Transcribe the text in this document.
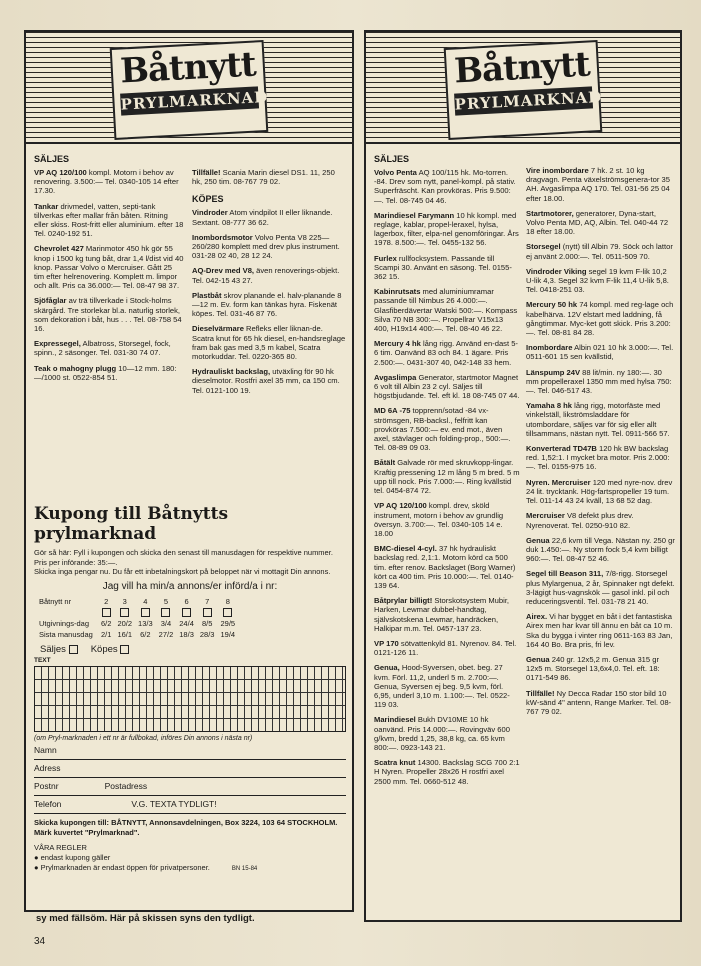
Båtnytt
PRYLMARKNAD
SÄLJES

VP AQ 120/100 kompl. Motorn i behov av renovering. 3.500:— Tel. 0340-105 14 efter 17.30.

Tankar drivmedel, vatten, septi-tank tillverkas efter mallar från båten. Ritning eller skiss. Rost-fritt eller aluminium. efter 18 Tel. 0240-192 51.

Chevrolet 427 Marinmotor 450 hk gör 55 knop i 1500 kg tung båt, drar 1,4 l/dist vid 40 knop. Passar Volvo o Mercruiser. Gått 25 tim efter helrenovering. Komplett m. limpor och allt. Pris ca 36.000:— Tel. 08-47 98 37.

Sjöfåglar av trä tillverkade i Stock-holms skärgård. Tre storlekar bl.a. naturlig storlek, som dekoration i båt, hus . . . Tel. 08-758 54 16.

Expressegel, Albatross, Storsegel, fock, spinn., 2 säsonger. Tel. 031-30 74 07.

Teak o mahogny plugg 10—12 mm. 180:—/1000 st. 0522-854 51.

Tillfälle! Scania Marin diesel DS1. 11, 250 hk, 250 tim. 08-767 79 02.

KÖPES

Vindroder Atom vindpilot II eller liknande. Sextant. 08-777 36 62.

Inombordsmotor Volvo Penta V8 225—260/280 komplett med drev plus instrument. 031-28 02 40, 28 12 24.

AQ-Drev med V8, även renoverings-objekt. Tel. 042-15 43 27.

Plastbåt skrov planande el. halv-planande 8—12 m. Ev. form kan tänkas hyra. Fiskenät köpes. Tel. 031-46 87 76.

Dieselvärmare Refleks eller liknan-de. Scatra knut för 65 hk diesel, en-handsreglage fram bak gas med 3,5 m kabel, Scatra motorkuddar. Tel. 0220-365 80.

Hydrauliskt backslag, utväxling för 90 hk dieselmotor. Rostfri axel 35 mm, ca 150 cm. Tel. 0121-100 19.

Kupong till Båtnytts prylmarknad

Gör så här: Fyll i kupongen och skicka den senast till manusdagen för respektive nummer.

Pris per införande: 35:—.

Skicka inga pengar nu. Du får ett inbetalningskort på beloppet när vi mottagit Din annons.

Jag vill ha min/a annons/er införd/a i nr:
Båtnytt nr	2	3	4	5	6	7	8

Utgivnings-dag	6/2	20/2	13/3	3/4	24/4	8/5	29/5
Sista manusdag	2/1	16/1	6/2	27/2	18/3	28/3	19/4
Säljes	Köpes
TEXT
(om Pryl-marknaden i ett nr är fullbokad, införes Din annons i nästa nr)
Namn
Adress
Postnr	Postadress
Telefon	V.G. TEXTA TYDLIGT!
Skicka kupongen till: BÅTNYTT, Annonsavdelningen, Box 3224, 103 64 STOCKHOLM. Märk kuvertet "Prylmarknad".
VÅRA REGLER
● endast kupong gäller
● Prylmarknaden är endast öppen för privatpersoner.	BN 15-84
Båtnytt
PRYLMARKNAD
SÄLJES

Volvo Penta AQ 100/115 hk. Mo-torren. -84. Drev som nytt, panel-kompl. på stativ. Superfräscht. Kan provköras. Pris 9.500: —. Tel. 08-745 04 46.

Marindiesel Farymann 10 hk kompl. med reglage, kablar, propel-leraxel, hylsa, lagerbox, filter, elpa-nel genomföringar. Års 1978. 8.500:—. Tel. 0455-132 56.

Furlex rullfocksystem. Passande till Scampi 30. Använt en säsong. Tel. 0155-362 15.

Kabinrutsats med aluminiumramar passande till Nimbus 26 4.000:—. Glasfiberdävertar Watski 500:—. Kompass Silva 70 NB 300:—. Propellrar V15x13 400, H19x14 400:—. Tel. 08-40 46 22.

Mercury 4 hk lång rigg. Använd en-dast 5-6 tim. Oanvänd 83 och 84. 1 ägare. Pris 2.500:—. 0431-307 40, 042-148 33 hem.

Avgaslimpa Generator, startmotor Magnet 6 volt till Albin 23 2 cyl. Säljes till högstbjudande. Tel. eft kl. 18 08-745 07 44.

MD 6A -75 topprenn/sotad -84 vx-strömsgen, RB-backsl., felfritt kan provköras 7.500:— ev. end mot., även axel, stävlager och folding-prop., 500:—. Tel. 08-89 09 03.

Båtält Galvade rör med skruvkopp-lingar. Kraftig pressening 12 m lång 5 m bred. 5 m upp till nock. Pris 7.000:—. Ring kvällstid tel. 0454-874 72.

VP AQ 120/100 kompl. drev, sköld instrument, motorn i behov av grundlig översyn. 3.700:—. Tel. 0340-105 14 e. 18.00

BMC-diesel 4-cyl. 37 hk hydrauliskt backslag red. 2,1:1. Motorn körd ca 500 tim. efter renov. Backslaget (Borg Warner) kört ca 400 tim. Pris 10.000:—. Tel. 0140-139 64.

Båtprylar billigt! Storskotsystem Mubir, Harken, Lewmar dubbel-handtag, självskotskena Lewmar, handräcken, Halkipar m.m. Tel. 0457-137 23.

VP 170 sötvattenkyld 81. Nyrenov. 84. Tel. 0121-126 11.

Genua, Hood-Syversen, obet. beg. 27 kvm. Förl. 11,2, underl 5 m. 2.700:—. Genua, Syversen ej beg. 9,5 kvm, förl. 6,95, underl 3,10 m. 1.100:—. Tel. 0522-119 03.

Marindiesel Bukh DV10ME 10 hk oanvänd. Pris 14.000:—. Rovingväv 600 g/kvm, bredd 1,25, 38,8 kg, ca. 65 kvm 800:—. 0923-143 21.

Scatra knut 14300. Backslag SCG 700 2:1 H Nyren. Propeller 28x26 H rostfri axel 2500 mm. Tel. 0660-512 48.

Vire inombordare 7 hk. 2 st. 10 kg dragvagn. Penta växelströmsgenera-tor 35 AH. Avgaslimpa AQ 170. Tel. 031-56 25 04 efter 18.00.

Startmotorer, generatorer, Dyna-start, Volvo Penta MD, AQ, Albin. Tel. 040-44 72 18 efter 18.00.

Storsegel (nytt) till Albin 79. Söck och lattor ej använt 2.000:—. Tel. 0511-509 70.

Vindroder Viking segel 19 kvm F-lik 10,2 U-lik 4,3. Segel 32 kvm F-lik 11,4 U-lik 5,8. Tel. 0418-251 03.

Mercury 50 hk 74 kompl. med reg-lage och kabelhärva. 12V elstart med laddning, få gångtimmar. Myc-ket gott skick. Pris 3.200:—. Tel. 08-81 84 28.

Inombordare Albin 021 10 hk 3.000:—. Tel. 0511-601 15 sen kvällstid,

Länspump 24V 88 lit/min. ny 180:—. 30 mm propelleraxel 1350 mm med hylsa 750:—. Tel. 046-517 43.

Yamaha 8 hk lång rigg, motorfäste med vinkelställ, likströmsladdare för utombordare, säljes var för sig eller allt tillsammans, nästan nytt. Tel. 0911-566 57.

Konverterad TD47B 120 hk BW backslag red. 1,52:1. I mycket bra motor. Pris 2.000:—. Tel. 0155-975 16.

Nyren. Mercruiser 120 med nyre-nov. drev 24 lit. trycktank. Hög-fartspropeller 19 tum. Tel. 011-14 43 24 kväll, 13 68 52 dag.

Mercruiser V8 defekt plus drev. Nyrenoverat. Tel. 0250-910 82.

Genua 22,6 kvm till Vega. Nästan ny. 250 gr duk 1.450:—. Ny storm fock 5,4 kvm billigt 960:—. Tel. 08-47 52 46.

Segel till Beason 311, 7/8-rigg. Storsegel plus Mylargenua, 2 år, Spinnaker ngt defekt. 3-lägigt hus-vagnskök — gasol inkl. pil och reduceringsventil. Tel. 031-78 21 40.

Airex. Vi har bygget en båt i det fantastiska Airex men har kvar till ännu en båt ca 10 m. Ska du bygga i vinter ring 0611-163 83 Jan, 164 40 Bo. Bra pris, fri lev.

Genua 240 gr. 12x5,2 m. Genua 315 gr 12x5 m. Storsegel 13,6x4,0. Tel. eft. 18: 0171-549 86.

Tillfälle! Ny Decca Radar 150 stor bild 10 kW-sänd 4" antenn, Range Marker. Tel. 08-767 79 02.

sy med fällsöm. Här på skissen syns den tydligt.
34
